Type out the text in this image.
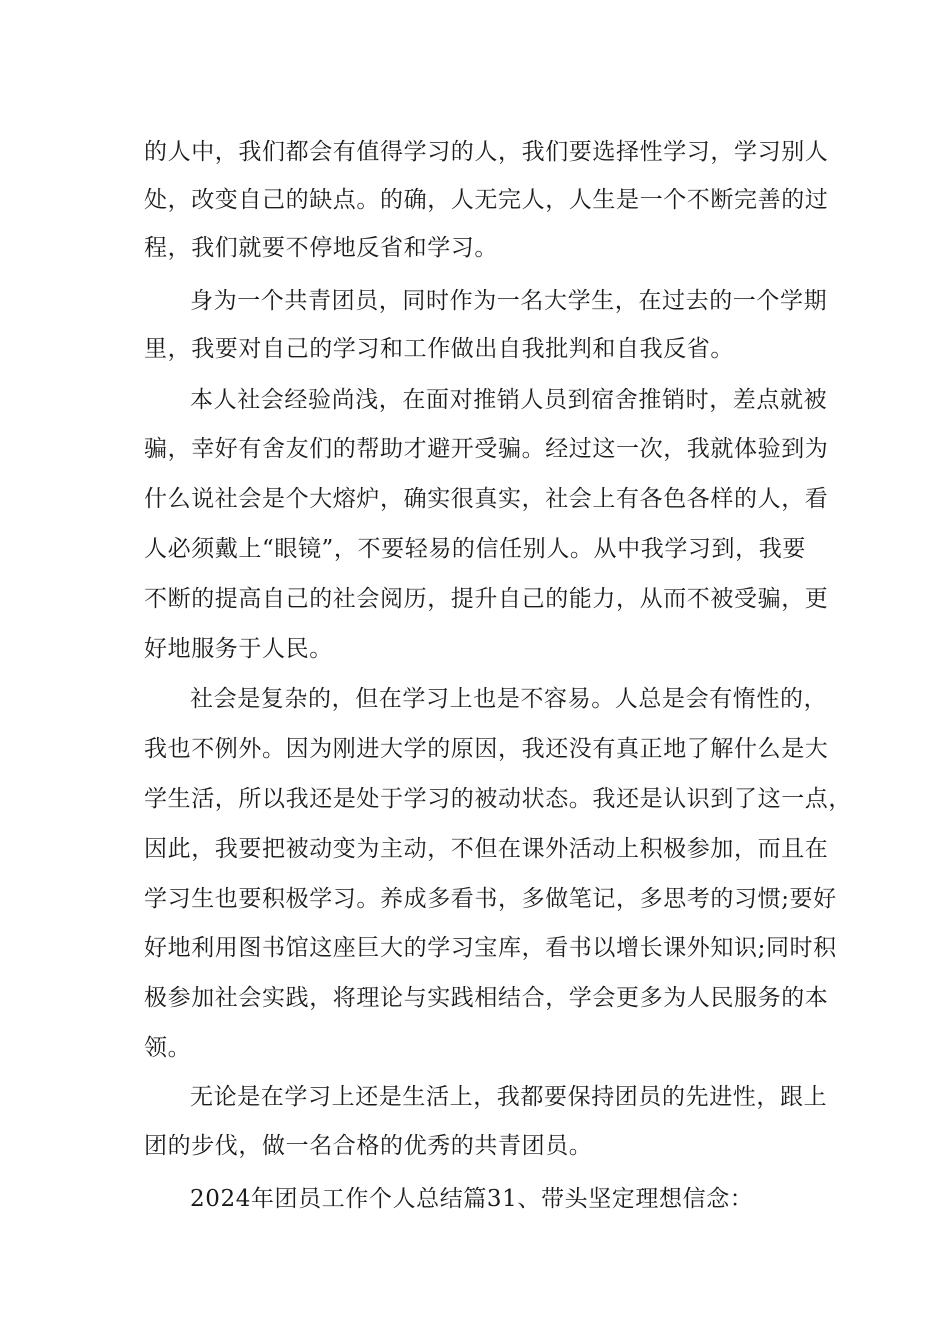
的人中，我们都会有值得学习的人，我们要选择性学习，学习别人
处，改变自己的缺点。的确，人无完人，人生是一个不断完善的过
程，我们就要不停地反省和学习。
身为一个共青团员，同时作为一名大学生，在过去的一个学期
里，我要对自己的学习和工作做出自我批判和自我反省。
本人社会经验尚浅，在面对推销人员到宿舍推销时，差点就被
骗，幸好有舍友们的帮助才避开受骗。经过这一次，我就体验到为
什么说社会是个大熔炉，确实很真实，社会上有各色各样的人，看
人必须戴上“眼镜”，不要轻易的信任别人。从中我学习到，我要
不断的提高自己的社会阅历，提升自己的能力，从而不被受骗，更
好地服务于人民。
社会是复杂的，但在学习上也是不容易。人总是会有惰性的，
我也不例外。因为刚进大学的原因，我还没有真正地了解什么是大
学生活，所以我还是处于学习的被动状态。我还是认识到了这一点，
因此，我要把被动变为主动，不但在课外活动上积极参加，而且在
学习生也要积极学习。养成多看书，多做笔记，多思考的习惯;要好
好地利用图书馆这座巨大的学习宝库，看书以增长课外知识;同时积
极参加社会实践，将理论与实践相结合，学会更多为人民服务的本
领。
无论是在学习上还是生活上，我都要保持团员的先进性，跟上
团的步伐，做一名合格的优秀的共青团员。
2024年团员工作个人总结篇31、带头坚定理想信念：
